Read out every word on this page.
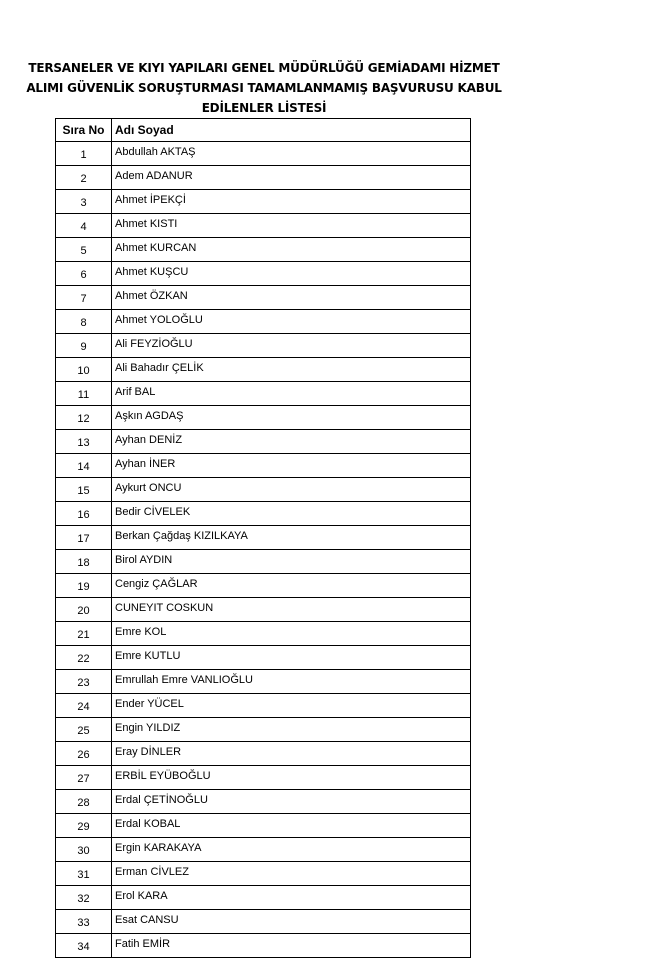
TERSANELER VE KIYI YAPILARI GENEL MÜDÜRLÜĞÜ GEMİADAMI HİZMET
ALIMI GÜVENLİK SORUŞTURMASI TAMAMLANMAMIŞ BAŞVURUSU KABUL
EDİLENLER LİSTESİ
Sıra No	Adı Soyad
1	Abdullah AKTAŞ
2	Adem ADANUR
3	Ahmet İPEKÇİ
4	Ahmet KISTI
5	Ahmet KURCAN
6	Ahmet KUŞCU
7	Ahmet ÖZKAN
8	Ahmet YOLOĞLU
9	Ali FEYZİOĞLU
10	Ali Bahadır ÇELİK
11	Arif BAL
12	Aşkın AGDAŞ
13	Ayhan DENİZ
14	Ayhan İNER
15	Aykurt ONCU
16	Bedir CİVELEK
17	Berkan Çağdaş KIZILKAYA
18	Birol AYDIN
19	Cengiz ÇAĞLAR
20	CUNEYIT COSKUN
21	Emre KOL
22	Emre KUTLU
23	Emrullah Emre VANLIOĞLU
24	Ender YÜCEL
25	Engin YILDIZ
26	Eray DİNLER
27	ERBİL EYÜBOĞLU
28	Erdal ÇETİNOĞLU
29	Erdal KOBAL
30	Ergin KARAKAYA
31	Erman CİVLEZ
32	Erol KARA
33	Esat CANSU
34	Fatih EMİR
